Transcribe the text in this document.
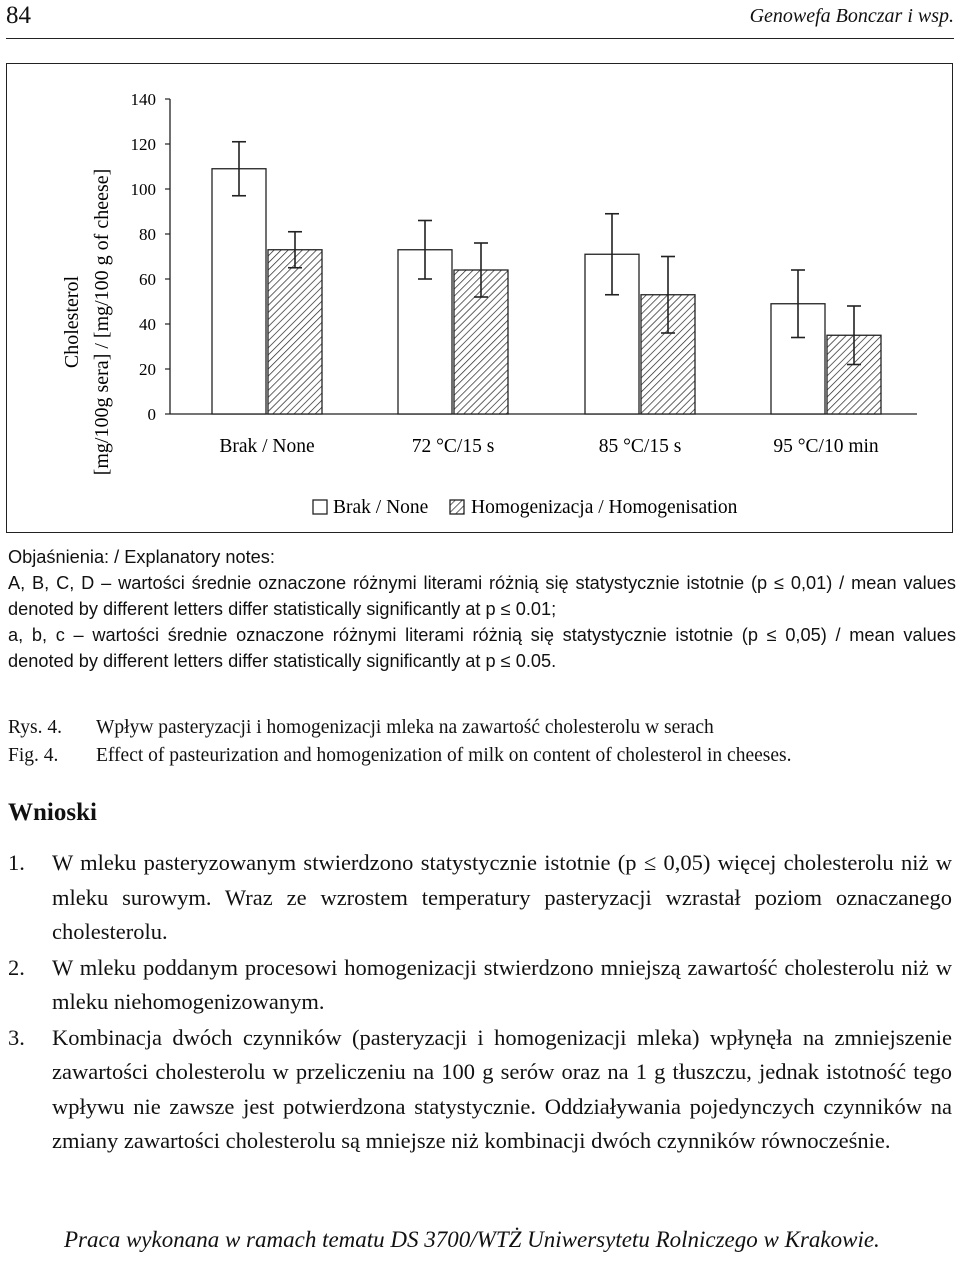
84	Genowefa Bonczar i wsp.
Cholesterol [mg/100g sera] / [mg/100 g of cheese] 0
20
40
60
80
100
120
140
Brak / None	72 °C/15 s	85 °C/15 s	95 °C/10 min
Brak / None Homogenizacja / Homogenisation

Objaśnienia: / Explanatory notes:

A, B, C, D – wartości średnie oznaczone różnymi literami różnią się statystycznie istotnie (p ≤ 0,01) / mean values denoted by different letters differ statistically significantly at p ≤ 0.01;

a, b, c – wartości średnie oznaczone różnymi literami różnią się statystycznie istotnie (p ≤ 0,05) / mean values denoted by different letters differ statistically significantly at p ≤ 0.05.

Rys. 4.	Wpływ pasteryzacji i homogenizacji mleka na zawartość cholesterolu w serach
Fig. 4.	Effect of pasteurization and homogenization of milk on content of cholesterol in cheeses.
Wnioski
1. W mleku pasteryzowanym stwierdzono statystycznie istotnie (p ≤ 0,05) więcej cholesterolu niż w mleku surowym. Wraz ze wzrostem temperatury pasteryzacji wzrastał poziom oznaczanego cholesterolu.
2. W mleku poddanym procesowi homogenizacji stwierdzono mniejszą zawartość cholesterolu niż w mleku niehomogenizowanym.
3. Kombinacja dwóch czynników (pasteryzacji i homogenizacji mleka) wpłynęła na zmniejszenie zawartości cholesterolu w przeliczeniu na 100 g serów oraz na 1 g tłuszczu, jednak istotność tego wpływu nie zawsze jest potwierdzona statystycznie. Oddziaływania pojedynczych czynników na zmiany zawartości cholesterolu są mniejsze niż kombinacji dwóch czynników równocześnie.
Praca wykonana w ramach tematu DS 3700/WTŻ Uniwersytetu Rolniczego w Krakowie.
